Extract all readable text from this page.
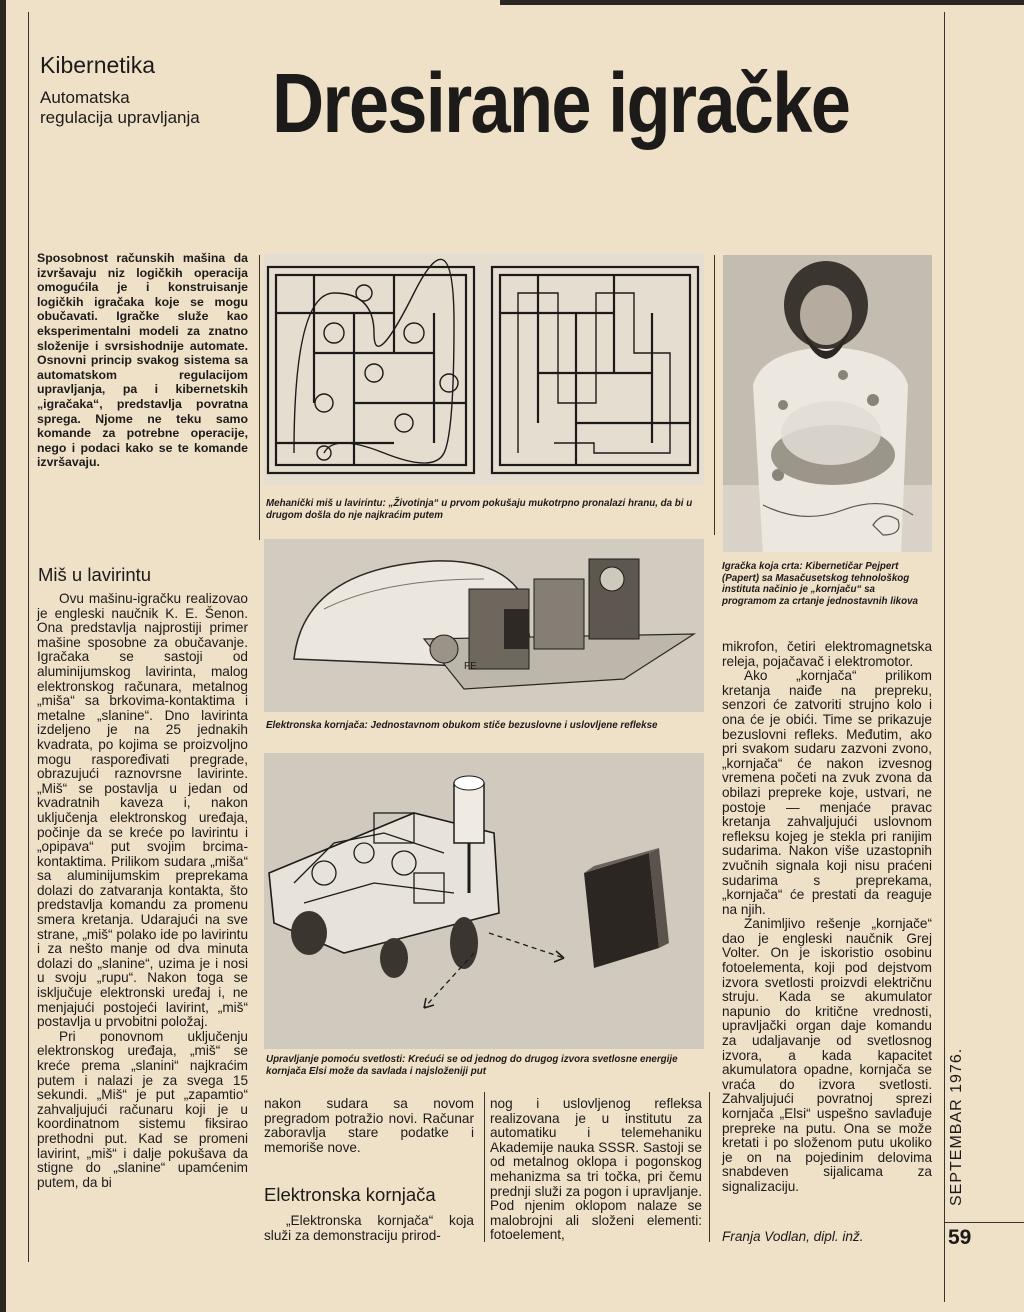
Kibernetika
Automatska
regulacija upravljanja Dresirane igračke
Sposobnost računskih mašina da izvršavaju niz logičkih operacija omogućila je i konstruisanje logičkih igračaka koje se mogu obučavati. Igračke služe kao eksperimentalni modeli za znatno složenije i svrsishodnije automate. Osnovni princip svakog sistema sa automatskom regulacijom upravljanja, pa i kibernetskih „igračaka“, predstavlja povratna sprega. Njome ne teku samo komande za potrebne operacije, nego i podaci kako se te komande izvršavaju.
Mehanički miš u lavirintu: „Životinja“ u prvom pokušaju mukotrpno pronalazi hranu, da bi u drugom došla do nje najkraćim putem
Igračka koja crta: Kibernetičar Pejpert (Papert) sa Masačusetskog tehnološkog instituta načinio je „kornjaču“ sa programom za crtanje jednostavnih likova
FE
Elektronska kornjača: Jednostavnom obukom stiče bezuslovne i uslovljene reflekse
Upravljanje pomoću svetlosti: Krećući se od jednog do drugog izvora svetlosne energije kornjača Elsi može da savlada i najsloženiji put
Miš u lavirintu

Ovu mašinu-igračku realizovao je engleski naučnik K. E. Šenon. Ona predstavlja najprostiji primer mašine sposobne za obučavanje. Igračaka se sastoji od aluminijumskog lavirinta, malog elektronskog računara, metalnog „miša“ sa brkovima-kontaktima i metalne „slanine“. Dno lavirinta izdeljeno je na 25 jednakih kvadrata, po kojima se proizvoljno mogu raspoređivati pregrade, obrazujući raznovrsne lavirinte. „Miš“ se postavlja u jedan od kvadratnih kaveza i, nakon uključenja elektronskog uređaja, počinje da se kreće po lavirintu i „opipava“ put svojim brcima-kontaktima. Prilikom sudara „miša“ sa aluminijumskim preprekama dolazi do zatvaranja kontakta, što predstavlja komandu za promenu smera kretanja. Udarajući na sve strane, „miš“ polako ide po lavirintu i za nešto manje od dva minuta dolazi do „slanine“, uzima je i nosi u svoju „rupu“. Nakon toga se isključuje elektronski uređaj i, ne menjajući postojeći lavirint, „miš“ postavlja u prvobitni položaj.

Pri ponovnom uključenju elektronskog uređaja, „miš“ se kreće prema „slanini“ najkraćim putem i nalazi je za svega 15 sekundi. „Miš“ je put „zapamtio“ zahvaljujući računaru koji je u koordinatnom sistemu fiksirao prethodni put. Kad se promeni lavirint, „miš“ i dalje pokušava da stigne do „slanine“ upamćenim putem, da bi

nakon sudara sa novom pregradom potražio novi. Računar zaboravlja stare podatke i memoriše nove.

Elektronska kornjača

„Elektronska kornjača“ koja služi za demonstraciju prirod-

nog i uslovljenog refleksa realizovana je u institutu za automatiku i telemehaniku Akademije nauka SSSR. Sastoji se od metalnog oklopa i pogonskog mehanizma sa tri točka, pri čemu prednji služi za pogon i upravljanje. Pod njenim oklopom nalaze se malobrojni ali složeni elementi: fotoelement,

mikrofon, četiri elektromagnetska releja, pojačavač i elektromotor.

Ako „kornjača“ prilikom kretanja naiđe na prepreku, senzori će zatvoriti strujno kolo i ona će je obići. Time se prikazuje bezuslovni refleks. Međutim, ako pri svakom sudaru zazvoni zvono, „kornjača“ će nakon izvesnog vremena početi na zvuk zvona da obilazi prepreke koje, ustvari, ne postoje — menjaće pravac kretanja zahvaljujući uslovnom refleksu kojeg je stekla pri ranijim sudarima. Nakon više uzastopnih zvučnih signala koji nisu praćeni sudarima s preprekama, „kornjača“ će prestati da reaguje na njih.

Zanimljivo rešenje „kornjače“ dao je engleski naučnik Grej Volter. On je iskoristio osobinu fotoelementa, koji pod dejstvom izvora svetlosti proizvdi električnu struju. Kada se akumulator napunio do kritične vrednosti, upravljački organ daje komandu za udaljavanje od svetlosnog izvora, a kada kapacitet akumulatora opadne, kornjača se vraća do izvora svetlosti. Zahvaljujući povratnoj sprezi kornjača „Elsi“ uspešno savlađuje prepreke na putu. Ona se može kretati i po složenom putu ukoliko je on na pojedinim delovima snabdeven sijalicama za signalizaciju.

Franja Vodlan, dipl. inž.
SEPTEMBAR 1976.
59
